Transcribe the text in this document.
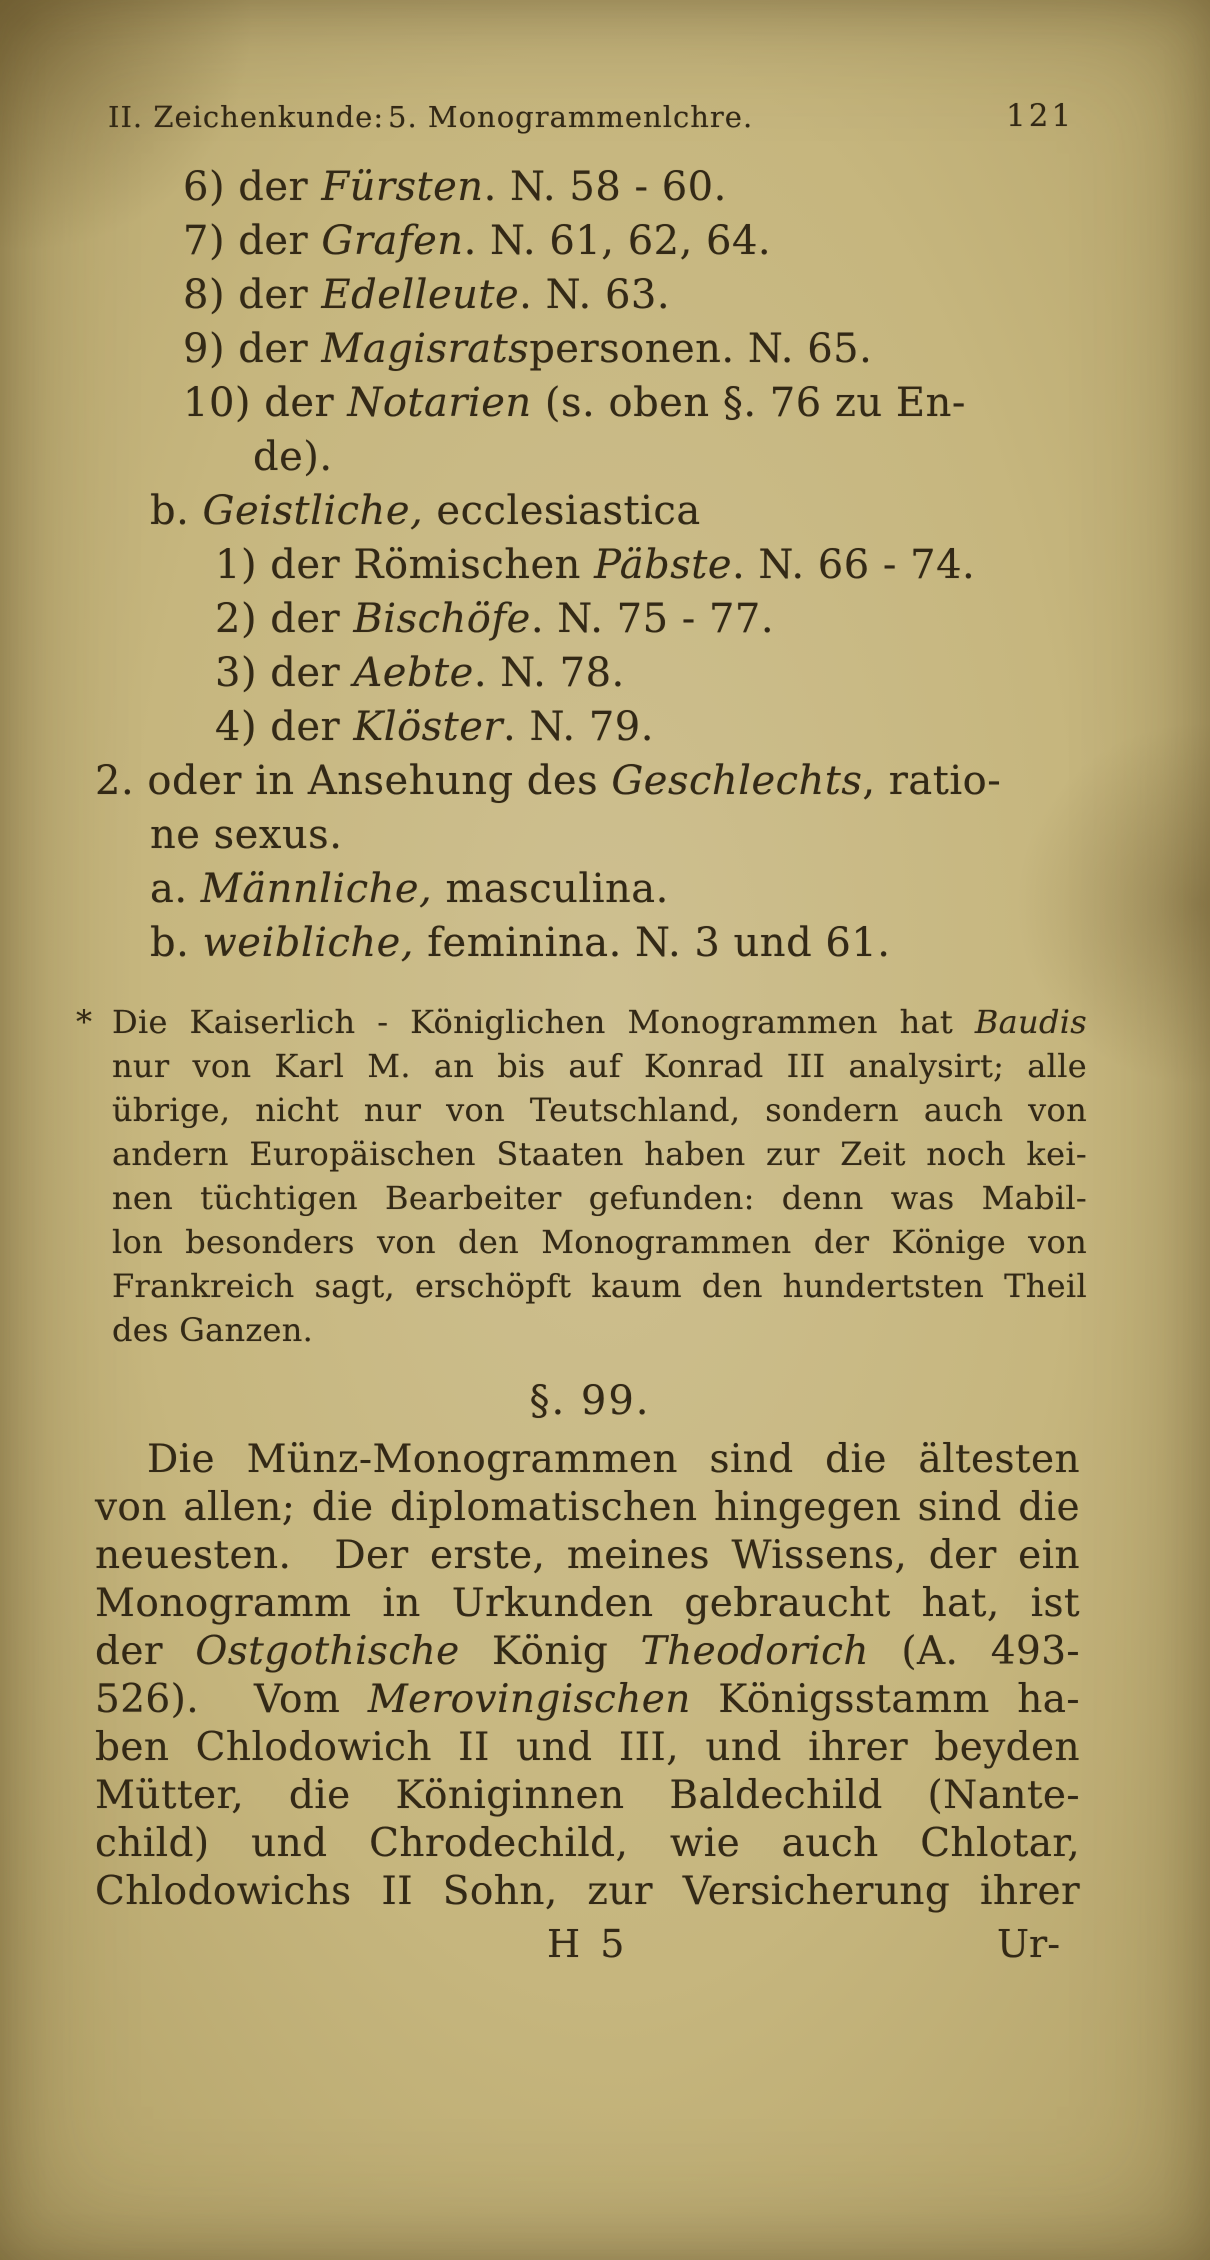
II. Zeichenkunde: 5. Monogrammenlchre.	121
6) der Fürsten. N. 58 - 60.
7) der Grafen. N. 61, 62, 64.
8) der Edelleute. N. 63.
9) der Magisratspersonen. N. 65.
10) der Notarien (s. oben §. 76 zu En-
de).
b. Geistliche, ecclesiastica
1) der Römischen Päbste. N. 66 - 74.
2) der Bischöfe. N. 75 - 77.
3) der Aebte. N. 78.
4) der Klöster. N. 79.
2. oder in Ansehung des Geschlechts, ratio-
ne sexus.
a. Männliche, masculina.
b. weibliche, feminina. N. 3 und 61.
* Die Kaiserlich - Königlichen Monogrammen hat Baudis
nur von Karl M. an bis auf Konrad III analysirt; alle
übrige, nicht nur von Teutschland, sondern auch von
andern Europäischen Staaten haben zur Zeit noch kei-
nen tüchtigen Bearbeiter gefunden: denn was Mabil-
lon besonders von den Monogrammen der Könige von
Frankreich sagt, erschöpft kaum den hundertsten Theil
des Ganzen.
§. 99.
Die Münz-Monogrammen sind die ältesten
von allen; die diplomatischen hingegen sind die
neuesten.  Der erste, meines Wissens, der ein
Monogramm in Urkunden gebraucht hat, ist
der Ostgothische König Theodorich (A. 493-
526).  Vom Merovingischen Königsstamm ha-
ben Chlodowich II und III, und ihrer beyden
Mütter, die Königinnen Baldechild (Nante-
child) und Chrodechild, wie auch Chlotar,
Chlodowichs II Sohn, zur Versicherung ihrer
H 5	Ur-
